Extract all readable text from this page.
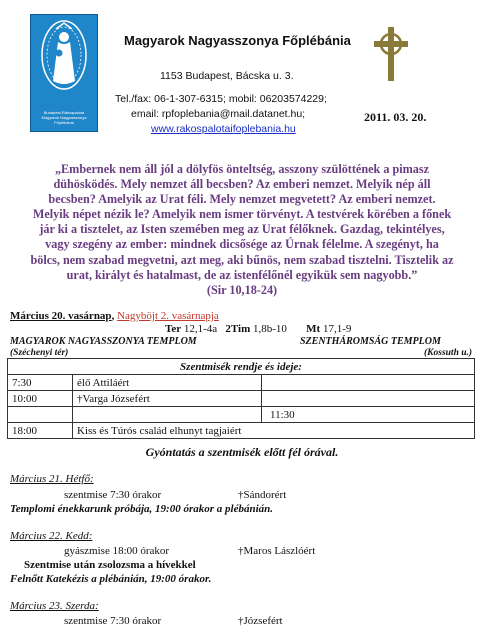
Budapest-Rákospalota
Magyarok Nagyasszonya
Főplébánia
Magyarok Nagyasszonya Főplébánia
1153 Budapest, Bácska u. 3.
Tel./fax: 06-1-307-6315; mobil: 06203574229;
email: rpfoplebania@mail.datanet.hu;
www.rakospalotaifoplebania.hu
2011. 03. 20.
„Embernek nem áll jól a dölyfös önteltség, asszony szülöttének a pimasz dühösködés. Mely nemzet áll becsben? Az emberi nemzet. Melyik nép áll becsben? Amelyik az Urat féli. Mely nemzet megvetett? Az emberi nemzet. Melyik népet nézik le? Amelyik nem ismer törvényt. A testvérek körében a főnek jár ki a tisztelet, az Isten szemében meg az Urat félőknek. Gazdag, tekintélyes, vagy szegény az ember: mindnek dicsősége az Úrnak félelme. A szegényt, ha bölcs, nem szabad megvetni, azt meg, aki bűnös, nem szabad tisztelni. Tisztelik az urat, királyt és hatalmast, de az istenfélőnél egyikük sem nagyobb.”
(Sir 10,18-24)
Március 20. vasárnap, Nagyböjt 2. vasárnapja
Ter 12,1-4a 2Tim 1,8b-10 Mt 17,1-9
MAGYAROK NAGYASSZONYA TEMPLOM
(Széchenyi tér)
SZENTHÁROMSÁG TEMPLOM
(Kossuth u.)
Szentmisék rendje és ideje:		
7:30	élő Attiláért	
10:00	†Varga Józsefért	
		11:30
18:00	Kiss és Túrós család elhunyt tagjaiért	
Gyóntatás a szentmisék előtt fél órával.
Március 21. Hétfő:
szentmise 7:30 órakor	†Sándorért
Templomi énekkarunk próbája, 19:00 órakor a plébánián.
Március 22. Kedd:
gyászmise 18:00 órakor	†Maros Lászlóért
Szentmise után zsolozsma a hívekkel
Felnőtt Katekézis a plébánián, 19:00 órakor.
Március 23. Szerda:
szentmise 7:30 órakor	†Józsefért
